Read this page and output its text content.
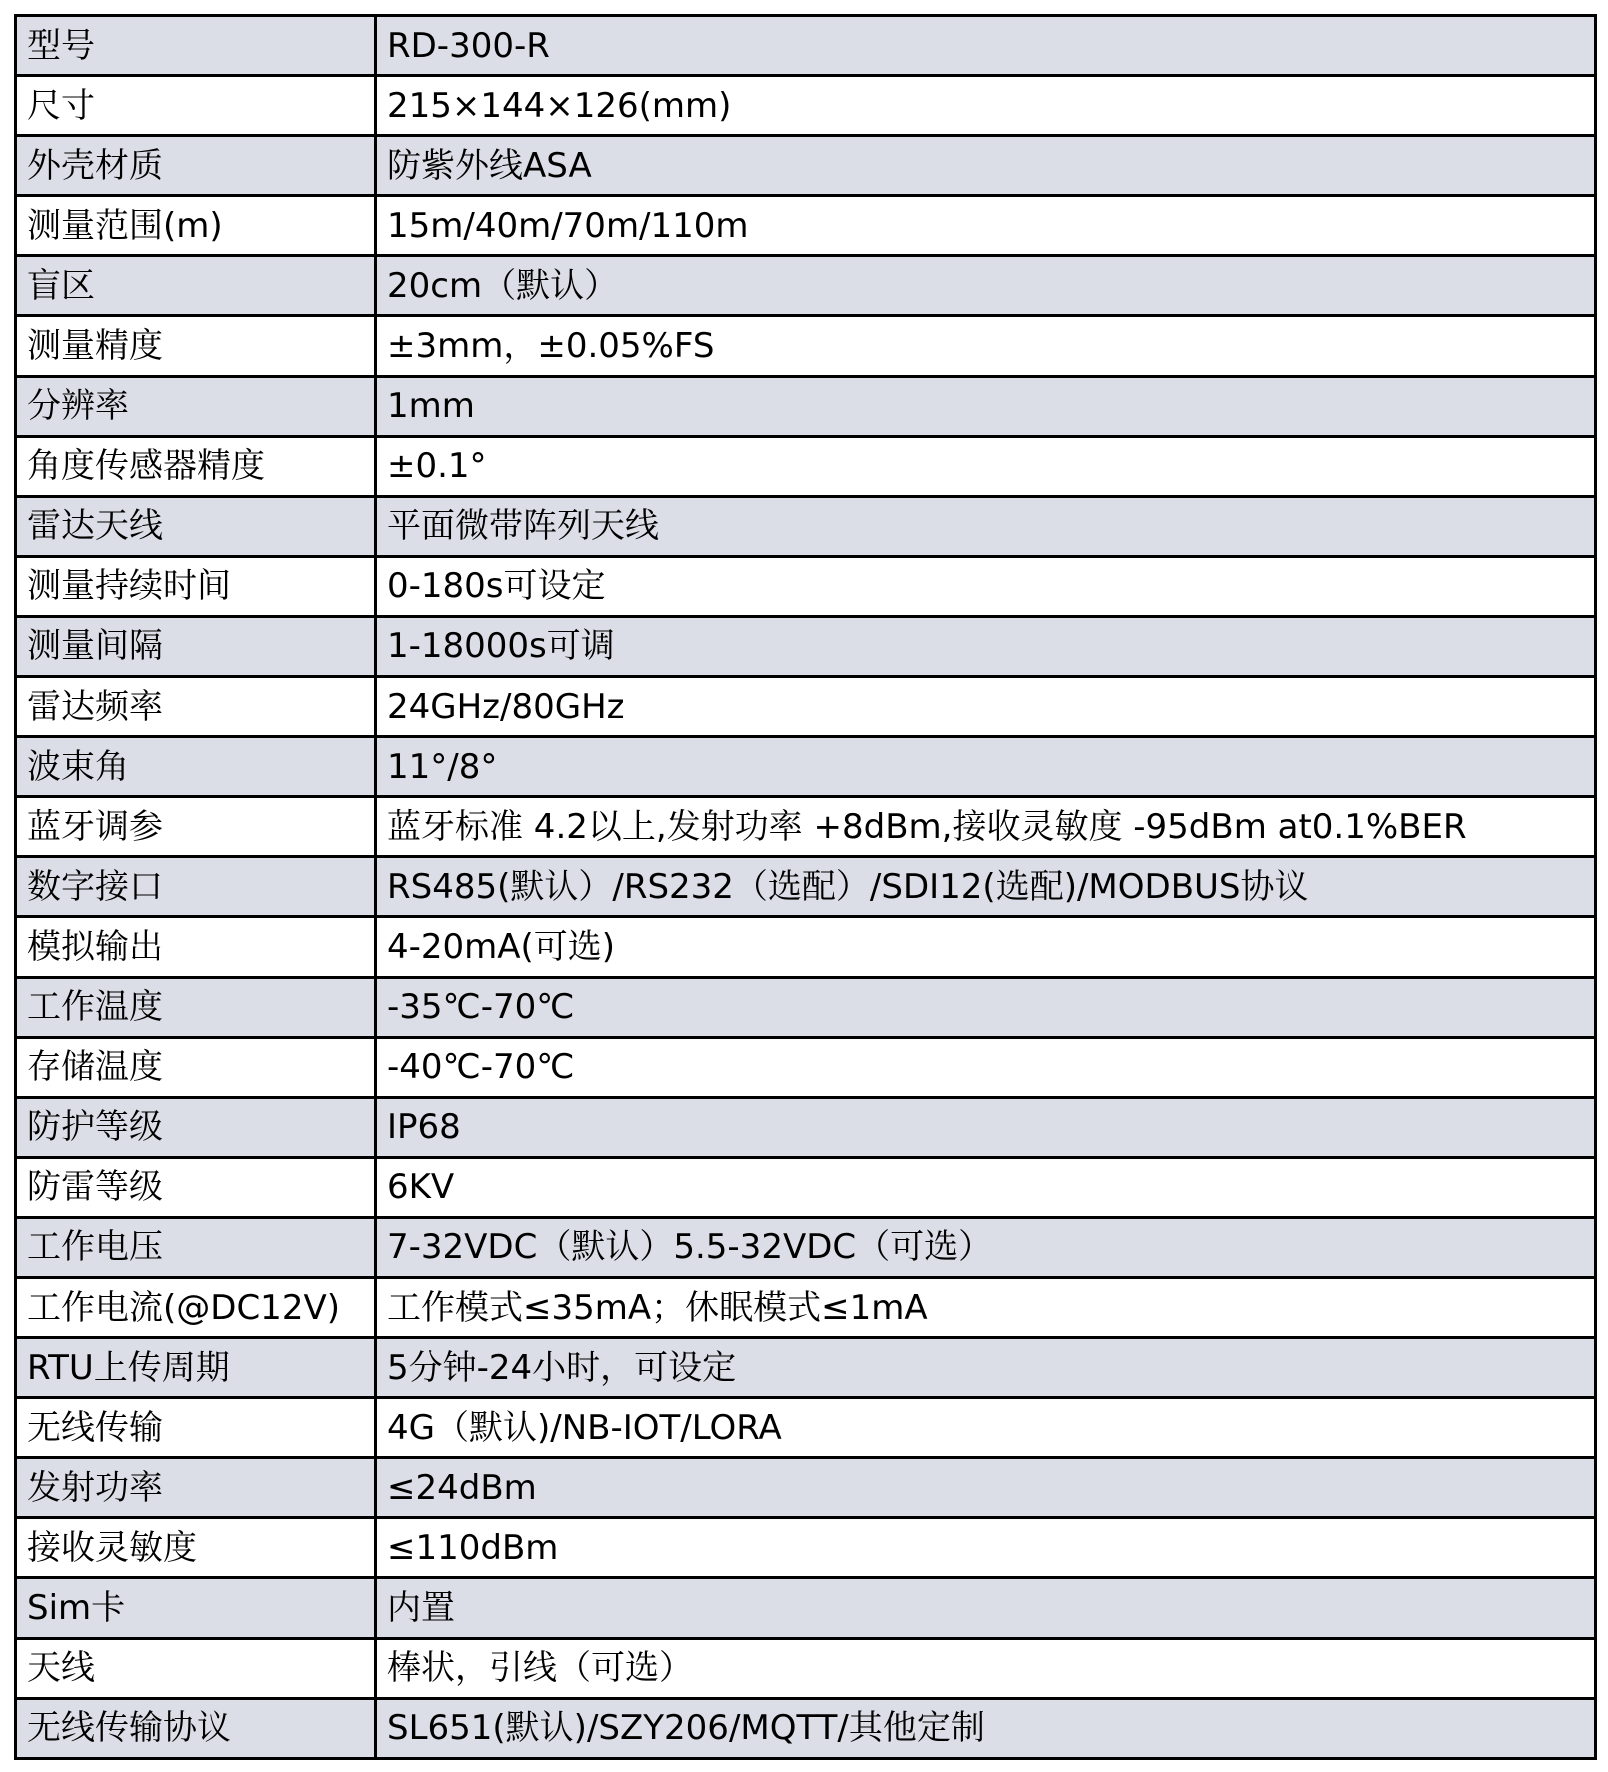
型号	RD-300-R
尺寸	215×144×126(mm)
外壳材质	防紫外线ASA
测量范围(m)	15m/40m/70m/110m
盲区	20cm（默认）
测量精度	±3mm，±0.05%FS
分辨率	1mm
角度传感器精度	±0.1°
雷达天线	平面微带阵列天线
测量持续时间	0-180s可设定
测量间隔	1-18000s可调
雷达频率	24GHz/80GHz
波束角	11°/8°
蓝牙调参	蓝牙标准 4.2以上,发射功率 +8dBm,接收灵敏度 -95dBm at0.1%BER
数字接口	RS485(默认）/RS232（选配）/SDI12(选配)/MODBUS协议
模拟输出	4-20mA(可选)
工作温度	-35℃-70℃
存储温度	-40℃-70℃
防护等级	IP68
防雷等级	6KV
工作电压	7-32VDC（默认）5.5-32VDC（可选）
工作电流(@DC12V)	工作模式≤35mA；休眠模式≤1mA
RTU上传周期	5分钟-24小时，可设定
无线传输	4G（默认)/NB-IOT/LORA
发射功率	≤24dBm
接收灵敏度	≤110dBm
Sim卡	内置
天线	棒状，引线（可选）
无线传输协议	SL651(默认)/SZY206/MQTT/其他定制
